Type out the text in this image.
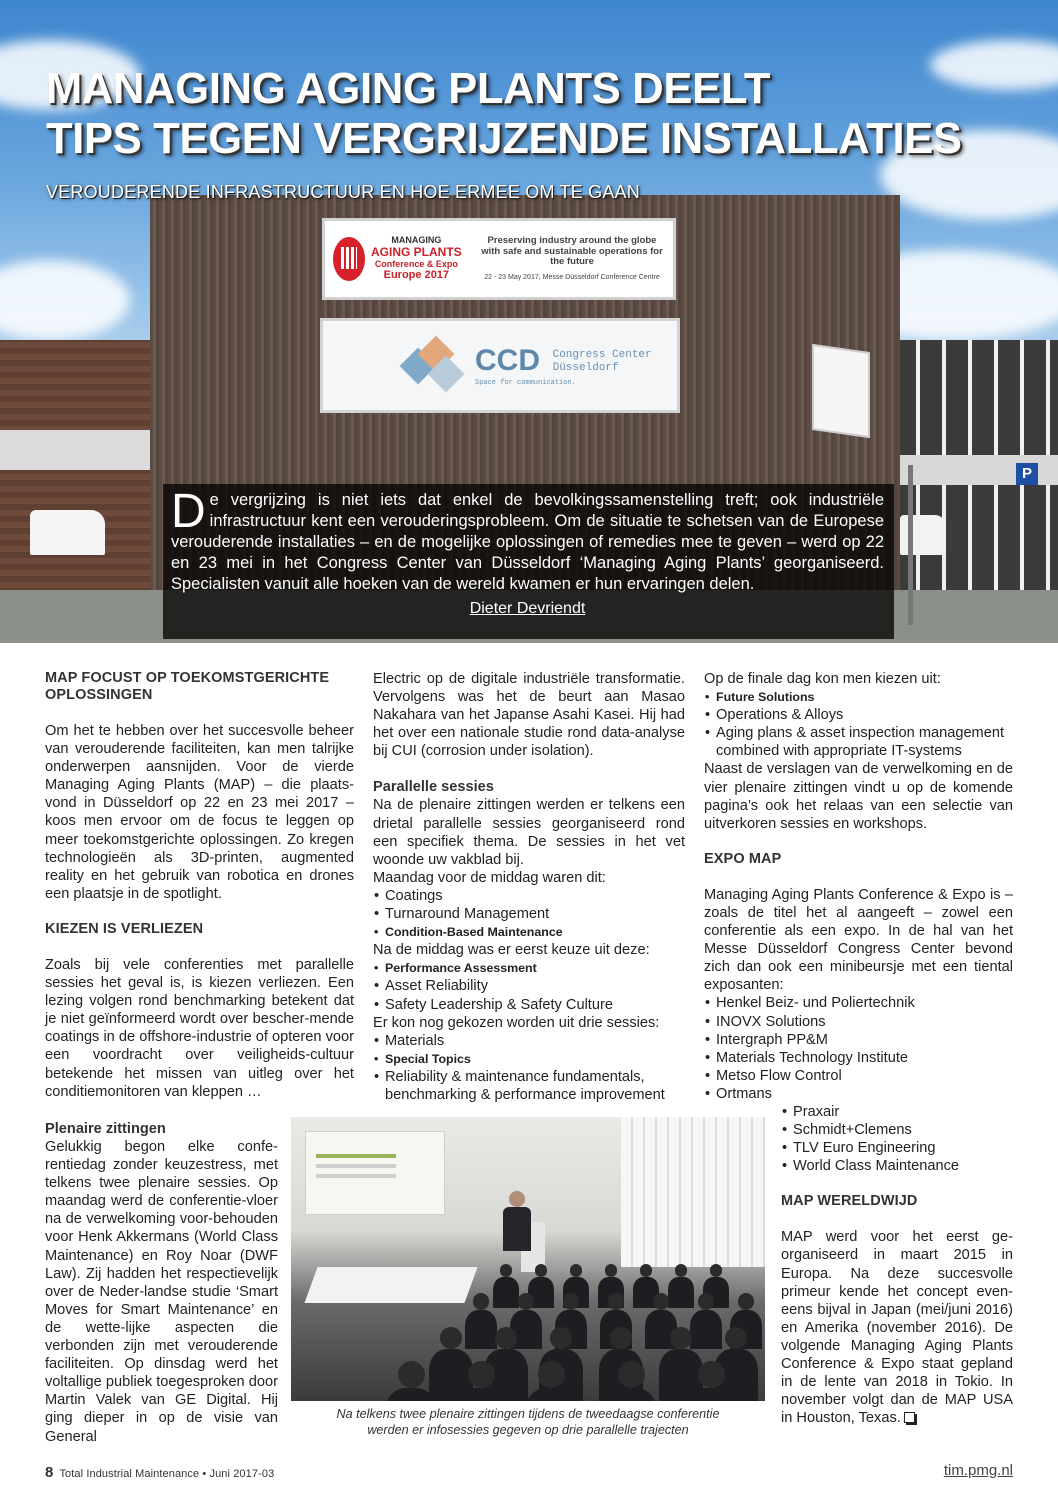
P
MANAGING
AGING PLANTS
Conference & Expo
Europe 2017
Preserving industry around the globe with safe and sustainable operations for the future
22 - 23 May 2017, Messe Düsseldorf Conference Centre
CCD Congress Center
Düsseldorf
Space for communication.
MANAGING AGING PLANTS DEELT
TIPS TEGEN VERGRIJZENDE INSTALLATIES
VEROUDERENDE INFRASTRUCTUUR EN HOE ERMEE OM TE GAAN

De vergrijzing is niet iets dat enkel de bevolkingssamenstelling treft; ook industriële infrastructuur kent een verouderingsprobleem. Om de situatie te schetsen van de Europese verouderende installaties – en de mogelijke oplossingen of remedies mee te geven – werd op 22 en 23 mei in het Congress Center van Düsseldorf ‘Managing Aging Plants’ georganiseerd. Specialisten vanuit alle hoeken van de wereld kwamen er hun ervaringen delen.

Dieter Devriendt
MAP FOCUST OP TOEKOMSTGERICHTE OPLOSSINGEN

Om het te hebben over het succesvolle beheer van verouderende faciliteiten, kan men talrijke onderwerpen aansnijden. Voor de vierde Managing Aging Plants (MAP) – die plaats-vond in Düsseldorf op 22 en 23 mei 2017 – koos men ervoor om de focus te leggen op meer toekomstgerichte oplossingen. Zo kregen technologieën als 3D-printen, augmented reality en het gebruik van robotica en drones een plaatsje in de spotlight.

KIEZEN IS VERLIEZEN

Zoals bij vele conferenties met parallelle sessies het geval is, is kiezen verliezen. Een lezing volgen rond benchmarking betekent dat je niet geïnformeerd wordt over bescher-mende coatings in de offshore-industrie of opteren voor een voordracht over veiligheids-cultuur betekende het missen van uitleg over het conditiemonitoren van kleppen …

Plenaire zittingen

Gelukkig begon elke confe-rentiedag zonder keuzestress, met telkens twee plenaire sessies. Op maandag werd de conferentie-vloer na de verwelkoming voor-behouden voor Henk Akkermans (World Class Maintenance) en Roy Noar (DWF Law). Zij hadden het respectievelijk over de Neder-landse studie ‘Smart Moves for Smart Maintenance’ en de wette-lijke aspecten die verbonden zijn met verouderende faciliteiten. Op dinsdag werd het voltallige publiek toegesproken door Martin Valek van GE Digital. Hij ging dieper in op de visie van General

Electric op de digitale industriële transformatie. Vervolgens was het de beurt aan Masao Nakahara van het Japanse Asahi Kasei. Hij had het over een nationale studie rond data-analyse bij CUI (corrosion under isolation).

Parallelle sessies

Na de plenaire zittingen werden er telkens een drietal parallelle sessies georganiseerd rond een specifiek thema. De sessies in het vet woonde uw vakblad bij.

Maandag voor de middag waren dit:
• Coatings
• Turnaround Management
• Condition-Based Maintenance
Na de middag was er eerst keuze uit deze:
• Performance Assessment
• Asset Reliability
• Safety Leadership & Safety Culture
Er kon nog gekozen worden uit drie sessies:
• Materials
• Special Topics
• Reliability & maintenance fundamentals,
benchmarking & performance improvement
Op de finale dag kon men kiezen uit:
• Future Solutions
• Operations & Alloys
• Aging plans & asset inspection management
combined with appropriate IT-systems

Naast de verslagen van de verwelkoming en de vier plenaire zittingen vindt u op de komende pagina’s ook het relaas van een selectie van uitverkoren sessies en workshops.

EXPO MAP

Managing Aging Plants Conference & Expo is – zoals de titel het al aangeeft – zowel een conferentie als een expo. In de hal van het Messe Düsseldorf Congress Center bevond zich dan ook een minibeursje met een tiental exposanten:

• Henkel Beiz- und Poliertechnik
• INOVX Solutions
• Intergraph PP&M
• Materials Technology Institute
• Metso Flow Control
• Ortmans
• Praxair
• Schmidt+Clemens
• TLV Euro Engineering
• World Class Maintenance
MAP WERELDWIJD

MAP werd voor het eerst ge-organiseerd in maart 2015 in Europa. Na deze succesvolle primeur kende het concept even-eens bijval in Japan (mei/juni 2016) en Amerika (november 2016). De volgende Managing Aging Plants Conference & Expo staat gepland in de lente van 2018 in Tokio. In november volgt dan de MAP USA in Houston, Texas.

Na telkens twee plenaire zittingen tijdens de tweedaagse conferentie
werden er infosessies gegeven op drie parallelle trajecten
8 Total Industrial Maintenance • Juni 2017-03	tim.pmg.nl
